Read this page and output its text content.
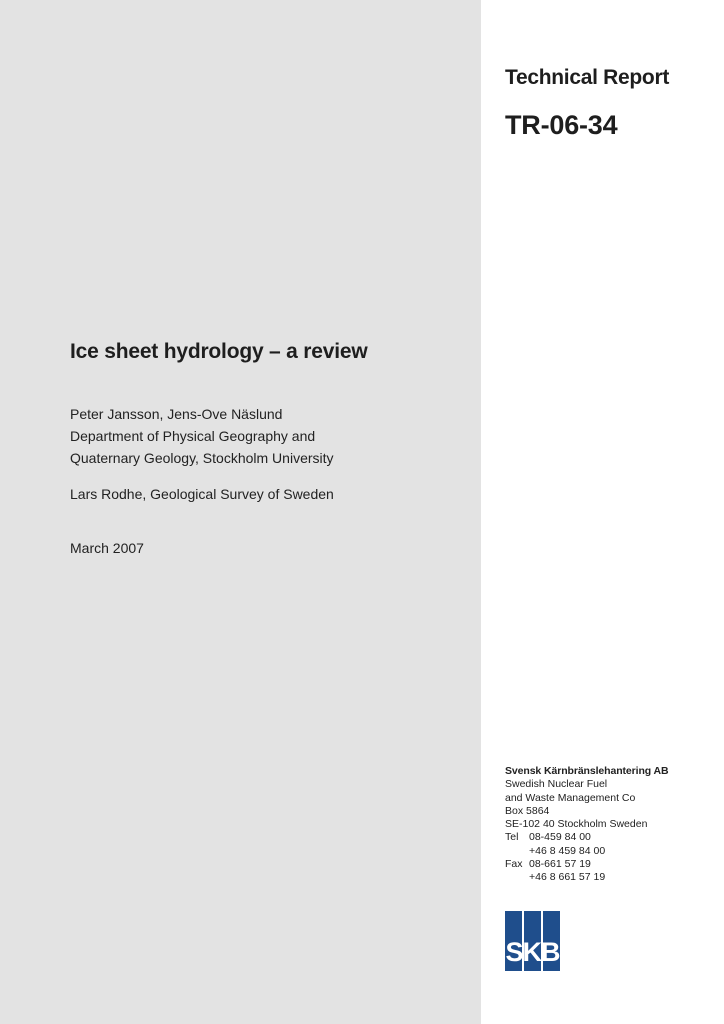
Technical Report
TR-06-34
Ice sheet hydrology – a review
Peter Jansson, Jens-Ove Näslund
Department of Physical Geography and
Quaternary Geology, Stockholm University
Lars Rodhe, Geological Survey of Sweden
March 2007
Svensk Kärnbränslehantering AB
Swedish Nuclear Fuel
and Waste Management Co
Box 5864
SE-102 40 Stockholm Sweden
Tel	08-459 84 00
+46 8 459 84 00
Fax 08-661 57 19
+46 8 661 57 19
SKB
